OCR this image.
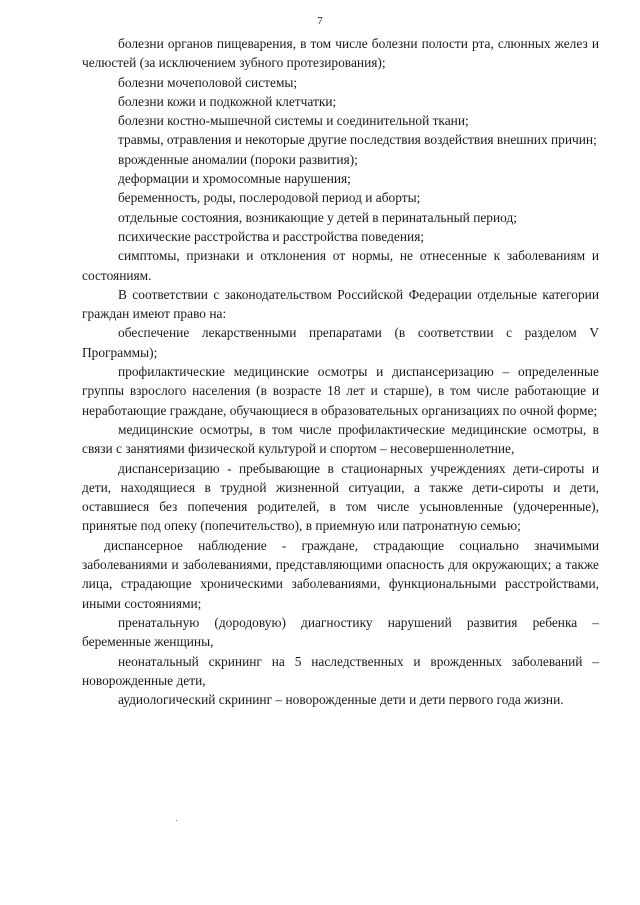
7

болезни органов пищеварения, в том числе болезни полости рта, слюнных желез и челюстей (за исключением зубного протезирования);

болезни мочеполовой системы;

болезни кожи и подкожной клетчатки;

болезни костно-мышечной системы и соединительной ткани;

травмы, отравления и некоторые другие последствия воздействия внешних причин;

врожденные аномалии (пороки развития);

деформации и хромосомные нарушения;

беременность, роды, послеродовой период и аборты;

отдельные состояния, возникающие у детей в перинатальный период;

психические расстройства и расстройства поведения;

симптомы, признаки и отклонения от нормы, не отнесенные к заболеваниям и состояниям.

В соответствии с законодательством Российской Федерации отдельные категории граждан имеют право на:

обеспечение лекарственными препаратами (в соответствии с разделом V Программы);

профилактические медицинские осмотры и диспансеризацию – определенные группы взрослого населения (в возрасте 18 лет и старше), в том числе работающие и неработающие граждане, обучающиеся в образовательных организациях по очной форме;

медицинские осмотры, в том числе профилактические медицинские осмотры, в связи с занятиями физической культурой и спортом – несовершеннолетние,

диспансеризацию - пребывающие в стационарных учреждениях дети-сироты и дети, находящиеся в трудной жизненной ситуации, а также дети-сироты и дети, оставшиеся без попечения родителей, в том числе усыновленные (удочеренные), принятые под опеку (попечительство), в приемную или патронатную семью;

диспансерное наблюдение - граждане, страдающие социально значимыми заболеваниями и заболеваниями, представляющими опасность для окружающих; а также лица, страдающие хроническими заболеваниями, функциональными расстройствами, иными состояниями;

пренатальную (дородовую) диагностику нарушений развития ребенка – беременные женщины,

неонатальный скрининг на 5 наследственных и врожденных заболеваний – новорожденные дети,

аудиологический скрининг – новорожденные дети и дети первого года жизни.
